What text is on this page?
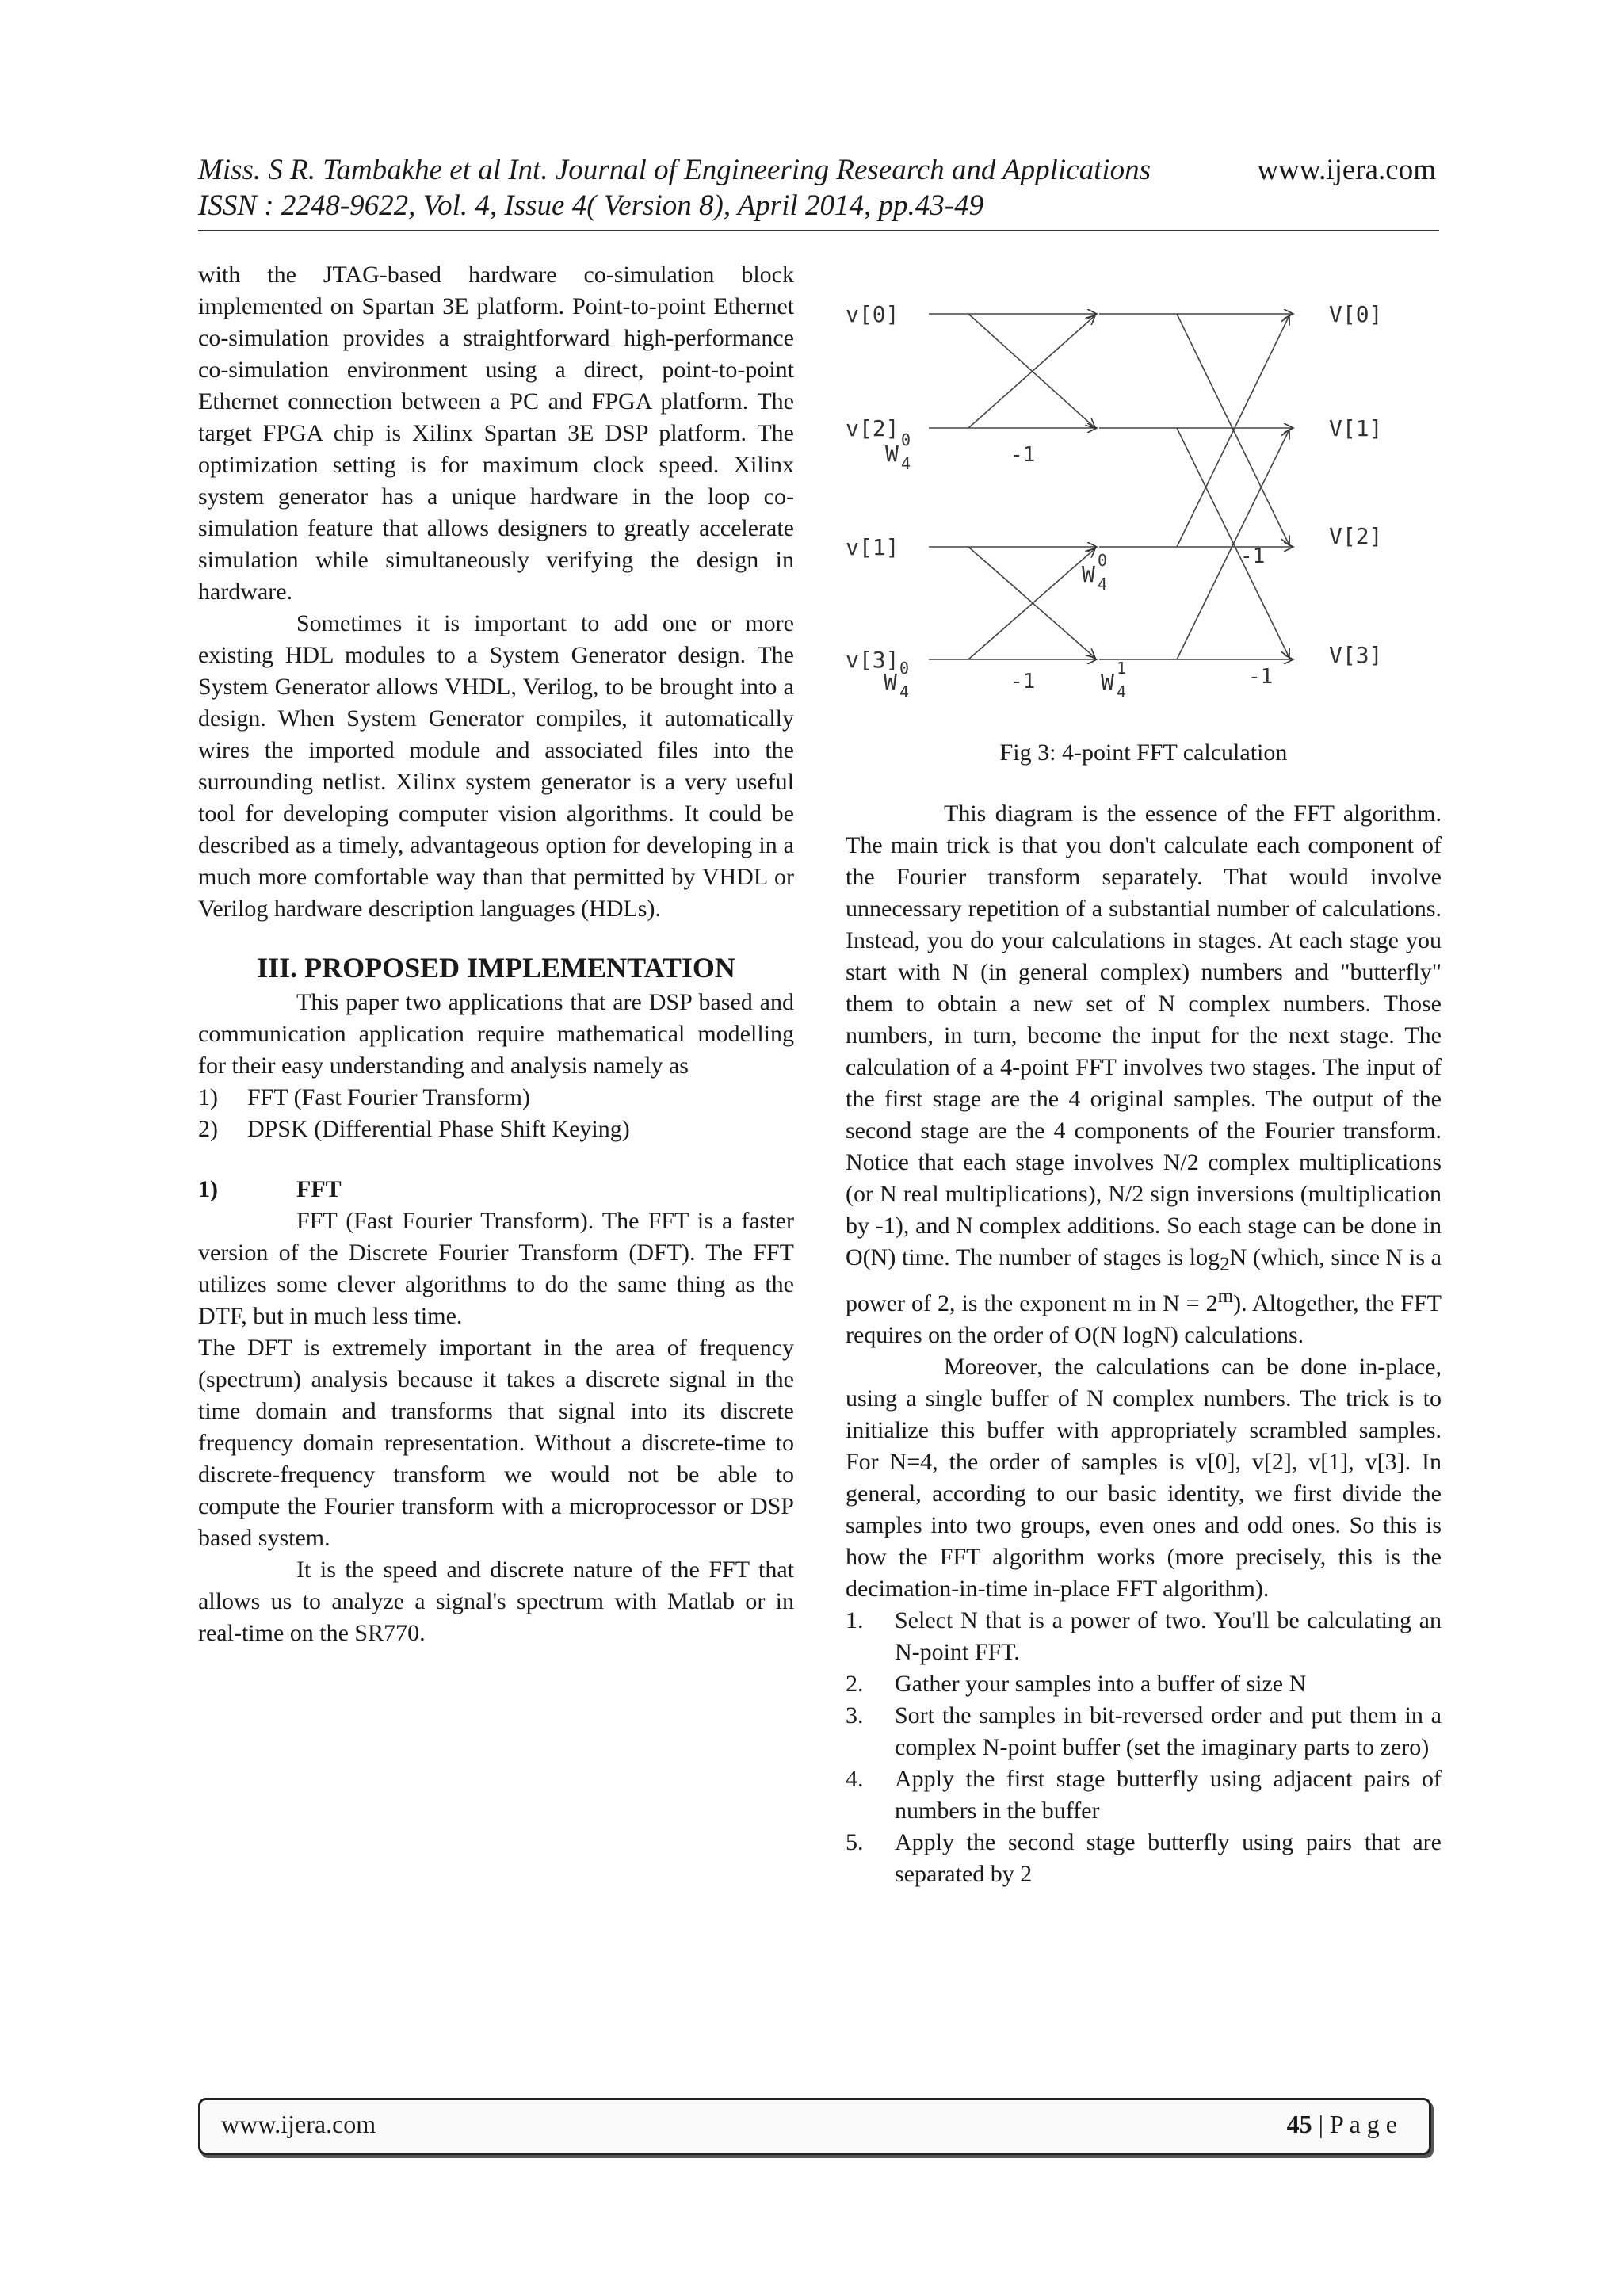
Miss. S R. Tambakhe et al Int. Journal of Engineering Research and Applications
ISSN : 2248-9622, Vol. 4, Issue 4( Version 8), April 2014, pp.43-49
www.ijera.com

with the JTAG-based hardware co-simulation block implemented on Spartan 3E platform. Point-to-point Ethernet co-simulation provides a straightforward high-performance co-simulation environment using a direct, point-to-point Ethernet connection between a PC and FPGA platform. The target FPGA chip is Xilinx Spartan 3E DSP platform. The optimization setting is for maximum clock speed. Xilinx system generator has a unique hardware in the loop co-simulation feature that allows designers to greatly accelerate simulation while simultaneously verifying the design in hardware.

Sometimes it is important to add one or more existing HDL modules to a System Generator design. The System Generator allows VHDL, Verilog, to be brought into a design. When System Generator compiles, it automatically wires the imported module and associated files into the surrounding netlist. Xilinx system generator is a very useful tool for developing computer vision algorithms. It could be described as a timely, advantageous option for developing in a much more comfortable way than that permitted by VHDL or Verilog hardware description languages (HDLs).

III. PROPOSED IMPLEMENTATION

This paper two applications that are DSP based and communication application require mathematical modelling for their easy understanding and analysis namely as

1)	FFT (Fast Fourier Transform)
2)	DPSK (Differential Phase Shift Keying)
1)	FFT

FFT (Fast Fourier Transform). The FFT is a faster version of the Discrete Fourier Transform (DFT). The FFT utilizes some clever algorithms to do the same thing as the DTF, but in much less time.

The DFT is extremely important in the area of frequency (spectrum) analysis because it takes a discrete signal in the time domain and transforms that signal into its discrete frequency domain representation. Without a discrete-time to discrete-frequency transform we would not be able to compute the Fourier transform with a microprocessor or DSP based system.

It is the speed and discrete nature of the FFT that allows us to analyze a signal's spectrum with Matlab or in real-time on the SR770.

v[0]
v[2]
v[1]
v[3]
V[0]
V[1]
V[2]
V[3]
W 4
0
-1
W 4
0	-1
W 4
0
-1	W 4
1	-1
Fig 3: 4-point FFT calculation

This diagram is the essence of the FFT algorithm. The main trick is that you don't calculate each component of the Fourier transform separately. That would involve unnecessary repetition of a substantial number of calculations. Instead, you do your calculations in stages. At each stage you start with N (in general complex) numbers and "butterfly" them to obtain a new set of N complex numbers. Those numbers, in turn, become the input for the next stage. The calculation of a 4-point FFT involves two stages. The input of the first stage are the 4 original samples. The output of the second stage are the 4 components of the Fourier transform. Notice that each stage involves N/2 complex multiplications (or N real multiplications), N/2 sign inversions (multiplication by -1), and N complex additions. So each stage can be done in O(N) time. The number of stages is $\log_2N$ (which, since N is a power of 2, is the exponent m in $N = 2^m$). Altogether, the FFT requires on the order of O(N logN) calculations.

Moreover, the calculations can be done in-place, using a single buffer of N complex numbers. The trick is to initialize this buffer with appropriately scrambled samples. For N=4, the order of samples is v[0], v[2], v[1], v[3]. In general, according to our basic identity, we first divide the samples into two groups, even ones and odd ones. So this is how the FFT algorithm works (more precisely, this is the decimation-in-time in-place FFT algorithm).

1.	Select N that is a power of two. You'll be calculating an N-point FFT.
2.	Gather your samples into a buffer of size N
3.	Sort the samples in bit-reversed order and put them in a complex N-point buffer (set the imaginary parts to zero)
4.	Apply the first stage butterfly using adjacent pairs of numbers in the buffer
5.	Apply the second stage butterfly using pairs that are separated by 2
www.ijera.com	45 | P a g e
